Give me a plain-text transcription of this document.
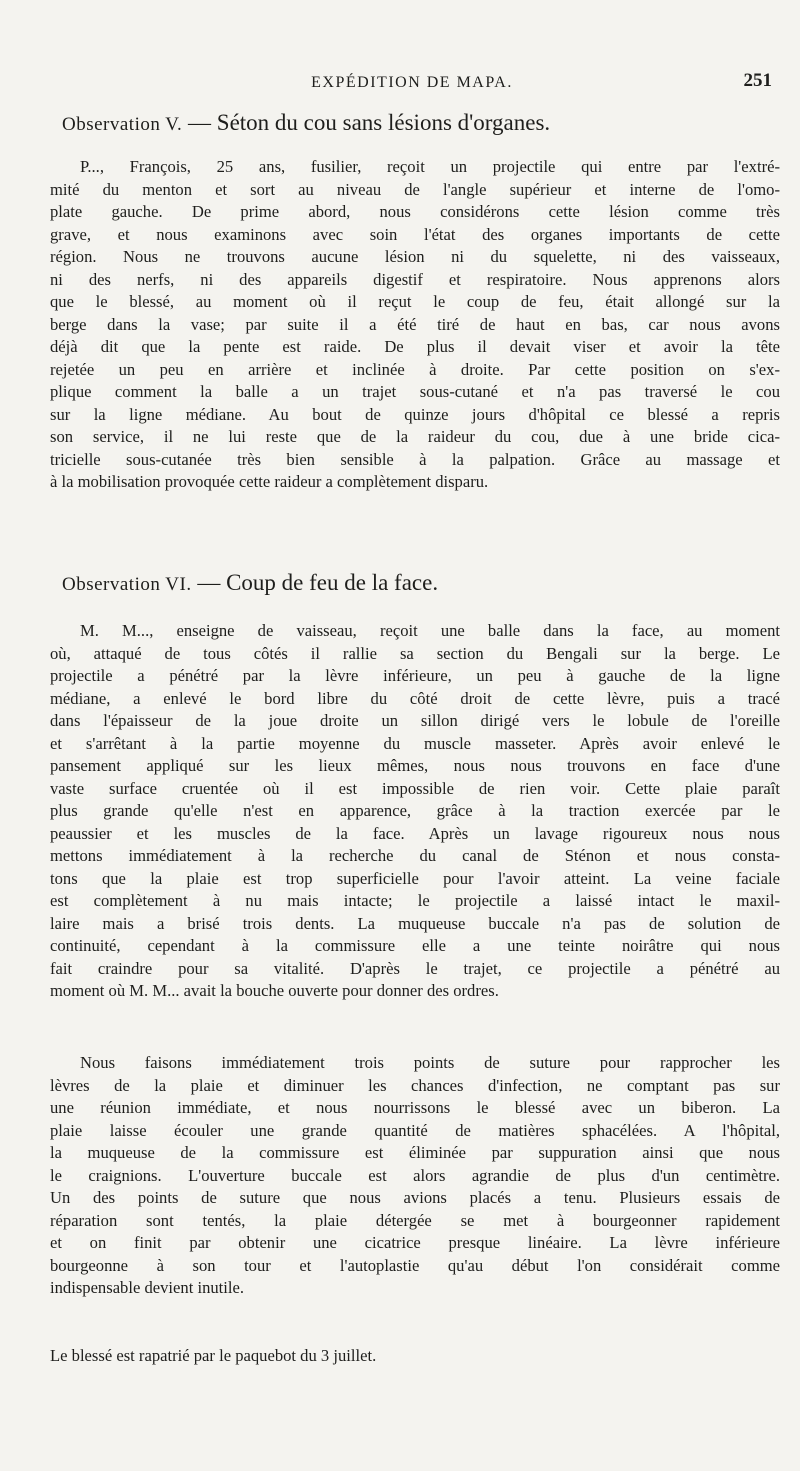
EXPÉDITION DE MAPA.	251
Observation V. — Séton du cou sans lésions d'organes.
P..., François, 25 ans, fusilier, reçoit un projectile qui entre par l'extré-
mité du menton et sort au niveau de l'angle supérieur et interne de l'omo-
plate gauche. De prime abord, nous considérons cette lésion comme très
grave, et nous examinons avec soin l'état des organes importants de cette
région. Nous ne trouvons aucune lésion ni du squelette, ni des vaisseaux,
ni des nerfs, ni des appareils digestif et respiratoire. Nous apprenons alors
que le blessé, au moment où il reçut le coup de feu, était allongé sur la
berge dans la vase; par suite il a été tiré de haut en bas, car nous avons
déjà dit que la pente est raide. De plus il devait viser et avoir la tête
rejetée un peu en arrière et inclinée à droite. Par cette position on s'ex-
plique comment la balle a un trajet sous-cutané et n'a pas traversé le cou
sur la ligne médiane. Au bout de quinze jours d'hôpital ce blessé a repris
son service, il ne lui reste que de la raideur du cou, due à une bride cica-
tricielle sous-cutanée très bien sensible à la palpation. Grâce au massage et
à la mobilisation provoquée cette raideur a complètement disparu.
Observation VI. — Coup de feu de la face.
M. M..., enseigne de vaisseau, reçoit une balle dans la face, au moment
où, attaqué de tous côtés il rallie sa section du Bengali sur la berge. Le
projectile a pénétré par la lèvre inférieure, un peu à gauche de la ligne
médiane, a enlevé le bord libre du côté droit de cette lèvre, puis a tracé
dans l'épaisseur de la joue droite un sillon dirigé vers le lobule de l'oreille
et s'arrêtant à la partie moyenne du muscle masseter. Après avoir enlevé le
pansement appliqué sur les lieux mêmes, nous nous trouvons en face d'une
vaste surface cruentée où il est impossible de rien voir. Cette plaie paraît
plus grande qu'elle n'est en apparence, grâce à la traction exercée par le
peaussier et les muscles de la face. Après un lavage rigoureux nous nous
mettons immédiatement à la recherche du canal de Sténon et nous consta-
tons que la plaie est trop superficielle pour l'avoir atteint. La veine faciale
est complètement à nu mais intacte; le projectile a laissé intact le maxil-
laire mais a brisé trois dents. La muqueuse buccale n'a pas de solution de
continuité, cependant à la commissure elle a une teinte noirâtre qui nous
fait craindre pour sa vitalité. D'après le trajet, ce projectile a pénétré au
moment où M. M... avait la bouche ouverte pour donner des ordres.
Nous faisons immédiatement trois points de suture pour rapprocher les
lèvres de la plaie et diminuer les chances d'infection, ne comptant pas sur
une réunion immédiate, et nous nourrissons le blessé avec un biberon. La
plaie laisse écouler une grande quantité de matières sphacélées. A l'hôpital,
la muqueuse de la commissure est éliminée par suppuration ainsi que nous
le craignions. L'ouverture buccale est alors agrandie de plus d'un centimètre.
Un des points de suture que nous avions placés a tenu. Plusieurs essais de
réparation sont tentés, la plaie détergée se met à bourgeonner rapidement
et on finit par obtenir une cicatrice presque linéaire. La lèvre inférieure
bourgeonne à son tour et l'autoplastie qu'au début l'on considérait comme
indispensable devient inutile.
Le blessé est rapatrié par le paquebot du 3 juillet.
